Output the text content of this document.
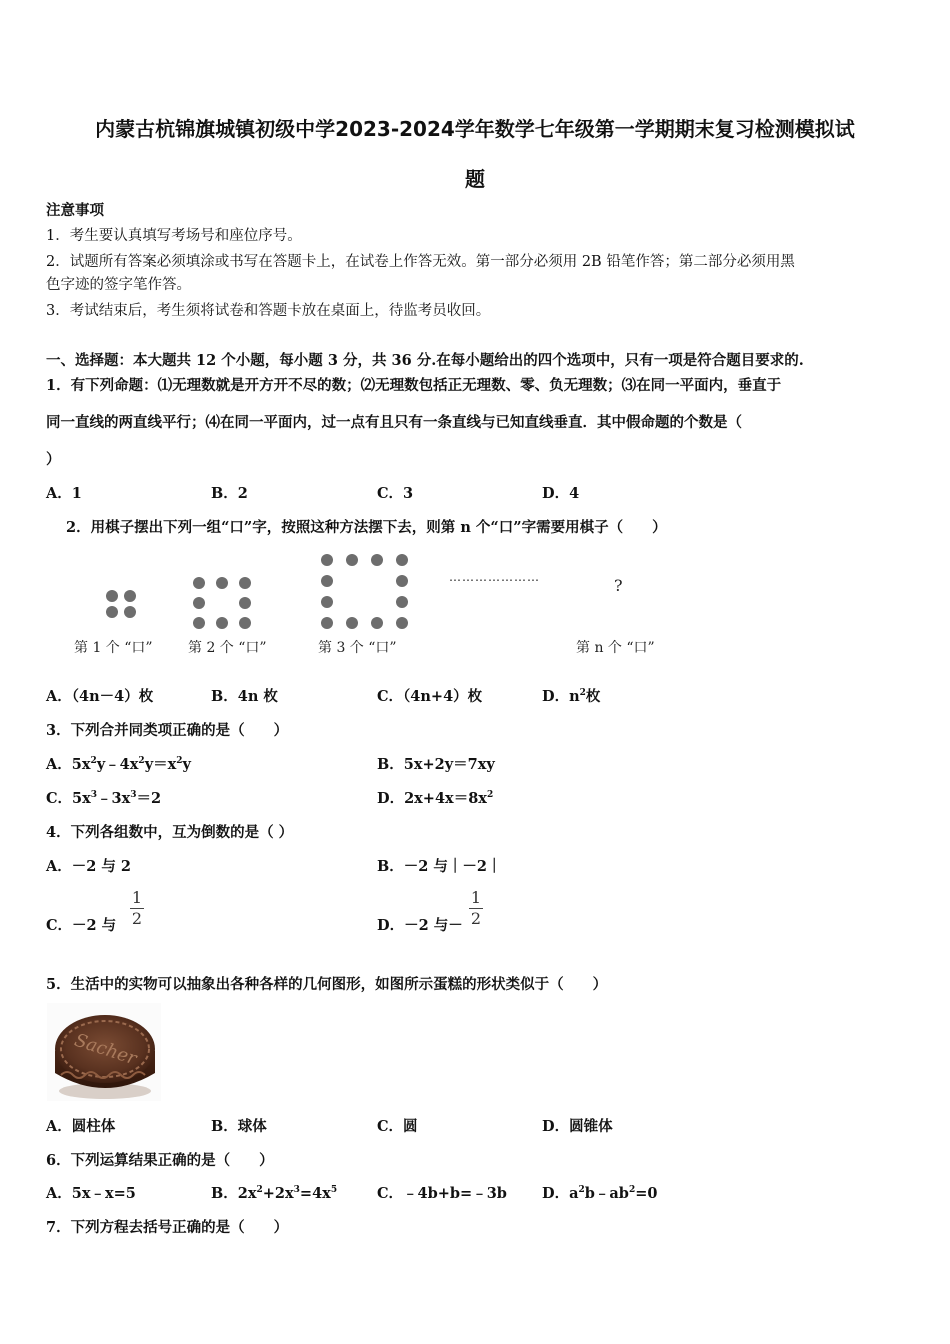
内蒙古杭锦旗城镇初级中学2023-2024学年数学七年级第一学期期末复习检测模拟试
题
注意事项
1．考生要认真填写考场号和座位序号。
2．试题所有答案必须填涂或书写在答题卡上，在试卷上作答无效。第一部分必须用 2B 铅笔作答；第二部分必须用黑
色字迹的签字笔作答。
3．考试结束后，考生须将试卷和答题卡放在桌面上，待监考员收回。
一、选择题：本大题共 12 个小题，每小题 3 分，共 36 分.在每小题给出的四个选项中，只有一项是符合题目要求的.
1．有下列命题：⑴无理数就是开方开不尽的数；⑵无理数包括正无理数、零、负无理数；⑶在同一平面内，垂直于
同一直线的两直线平行；⑷在同一平面内，过一点有且只有一条直线与已知直线垂直．其中假命题的个数是（
）
A．1	B．2	C．3	D．4
2．用棋子摆出下列一组“口”字，按照这种方法摆下去，则第 n 个“口”字需要用棋子（　　）
…………………	?
第 1 个 “口”	第 2 个 “口”	第 3 个 “口”	第 n 个 “口”
A．（4n－4）枚	B．4n 枚	C．（4n+4）枚	D．$n^2$枚
3．下列合并同类项正确的是（　　）
A．$5x^2y﹣4x^2y=x^2y$	B．5x+2y＝7xy
C．$5x^3﹣3x^3=2$	D．$2x+4x=8x^2$
4．下列各组数中，互为倒数的是（ ）
A．－2 与 2	B．－2 与｜－2｜
C．－2 与
1
2	D．－2 与－
1
2
5．生活中的实物可以抽象出各种各样的几何图形，如图所示蛋糕的形状类似于（　　）
Sacher
A．圆柱体	B．球体	C．圆	D．圆锥体
6．下列运算结果正确的是（　　）
A．5x﹣x=5	B．$2x^2+2x^3=4x^5$	C．﹣4b+b=﹣3b D．$a^2b﹣ab^2=0$
7．下列方程去括号正确的是（　　）
